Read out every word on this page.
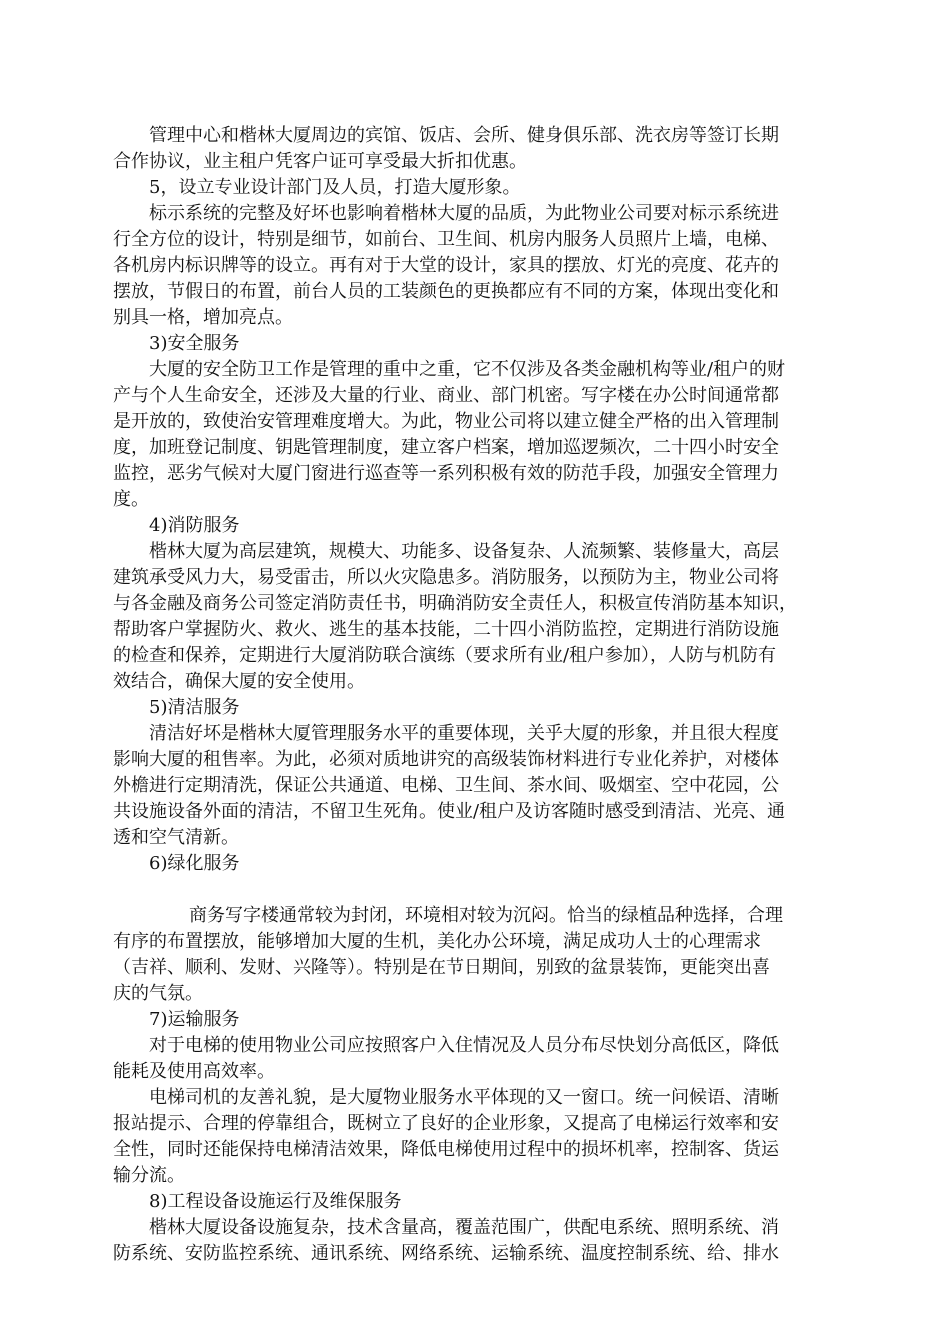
管理中心和楷林大厦周边的宾馆、饭店、会所、健身俱乐部、洗衣房等签订长期

合作协议，业主租户凭客户证可享受最大折扣优惠。

5，设立专业设计部门及人员，打造大厦形象。

标示系统的完整及好坏也影响着楷林大厦的品质，为此物业公司要对标示系统进

行全方位的设计，特别是细节，如前台、卫生间、机房内服务人员照片上墙，电梯、

各机房内标识牌等的设立。再有对于大堂的设计，家具的摆放、灯光的亮度、花卉的

摆放，节假日的布置，前台人员的工装颜色的更换都应有不同的方案，体现出变化和

别具一格，增加亮点。

3)安全服务

大厦的安全防卫工作是管理的重中之重，它不仅涉及各类金融机构等业/租户的财

产与个人生命安全，还涉及大量的行业、商业、部门机密。写字楼在办公时间通常都

是开放的，致使治安管理难度增大。为此，物业公司将以建立健全严格的出入管理制

度，加班登记制度、钥匙管理制度，建立客户档案，增加巡逻频次，二十四小时安全

监控，恶劣气候对大厦门窗进行巡查等一系列积极有效的防范手段，加强安全管理力

度。

4)消防服务

楷林大厦为高层建筑，规模大、功能多、设备复杂、人流频繁、装修量大，高层

建筑承受风力大，易受雷击，所以火灾隐患多。消防服务，以预防为主，物业公司将

与各金融及商务公司签定消防责任书，明确消防安全责任人，积极宣传消防基本知识，

帮助客户掌握防火、救火、逃生的基本技能，二十四小消防监控，定期进行消防设施

的检查和保养，定期进行大厦消防联合演练（要求所有业/租户参加），人防与机防有

效结合，确保大厦的安全使用。

5)清洁服务

清洁好坏是楷林大厦管理服务水平的重要体现，关乎大厦的形象，并且很大程度

影响大厦的租售率。为此，必须对质地讲究的高级装饰材料进行专业化养护，对楼体

外檐进行定期清洗，保证公共通道、电梯、卫生间、茶水间、吸烟室、空中花园，公

共设施设备外面的清洁，不留卫生死角。使业/租户及访客随时感受到清洁、光亮、通

透和空气清新。

6)绿化服务

商务写字楼通常较为封闭，环境相对较为沉闷。恰当的绿植品种选择，合理

有序的布置摆放，能够增加大厦的生机，美化办公环境，满足成功人士的心理需求

（吉祥、顺利、发财、兴隆等）。特别是在节日期间，别致的盆景装饰，更能突出喜

庆的气氛。

7)运输服务

对于电梯的使用物业公司应按照客户入住情况及人员分布尽快划分高低区，降低

能耗及使用高效率。

电梯司机的友善礼貌，是大厦物业服务水平体现的又一窗口。统一问候语、清晰

报站提示、合理的停靠组合，既树立了良好的企业形象，又提高了电梯运行效率和安

全性，同时还能保持电梯清洁效果，降低电梯使用过程中的损坏机率，控制客、货运

输分流。

8)工程设备设施运行及维保服务

楷林大厦设备设施复杂，技术含量高，覆盖范围广，供配电系统、照明系统、消

防系统、安防监控系统、通讯系统、网络系统、运输系统、温度控制系统、给、排水
